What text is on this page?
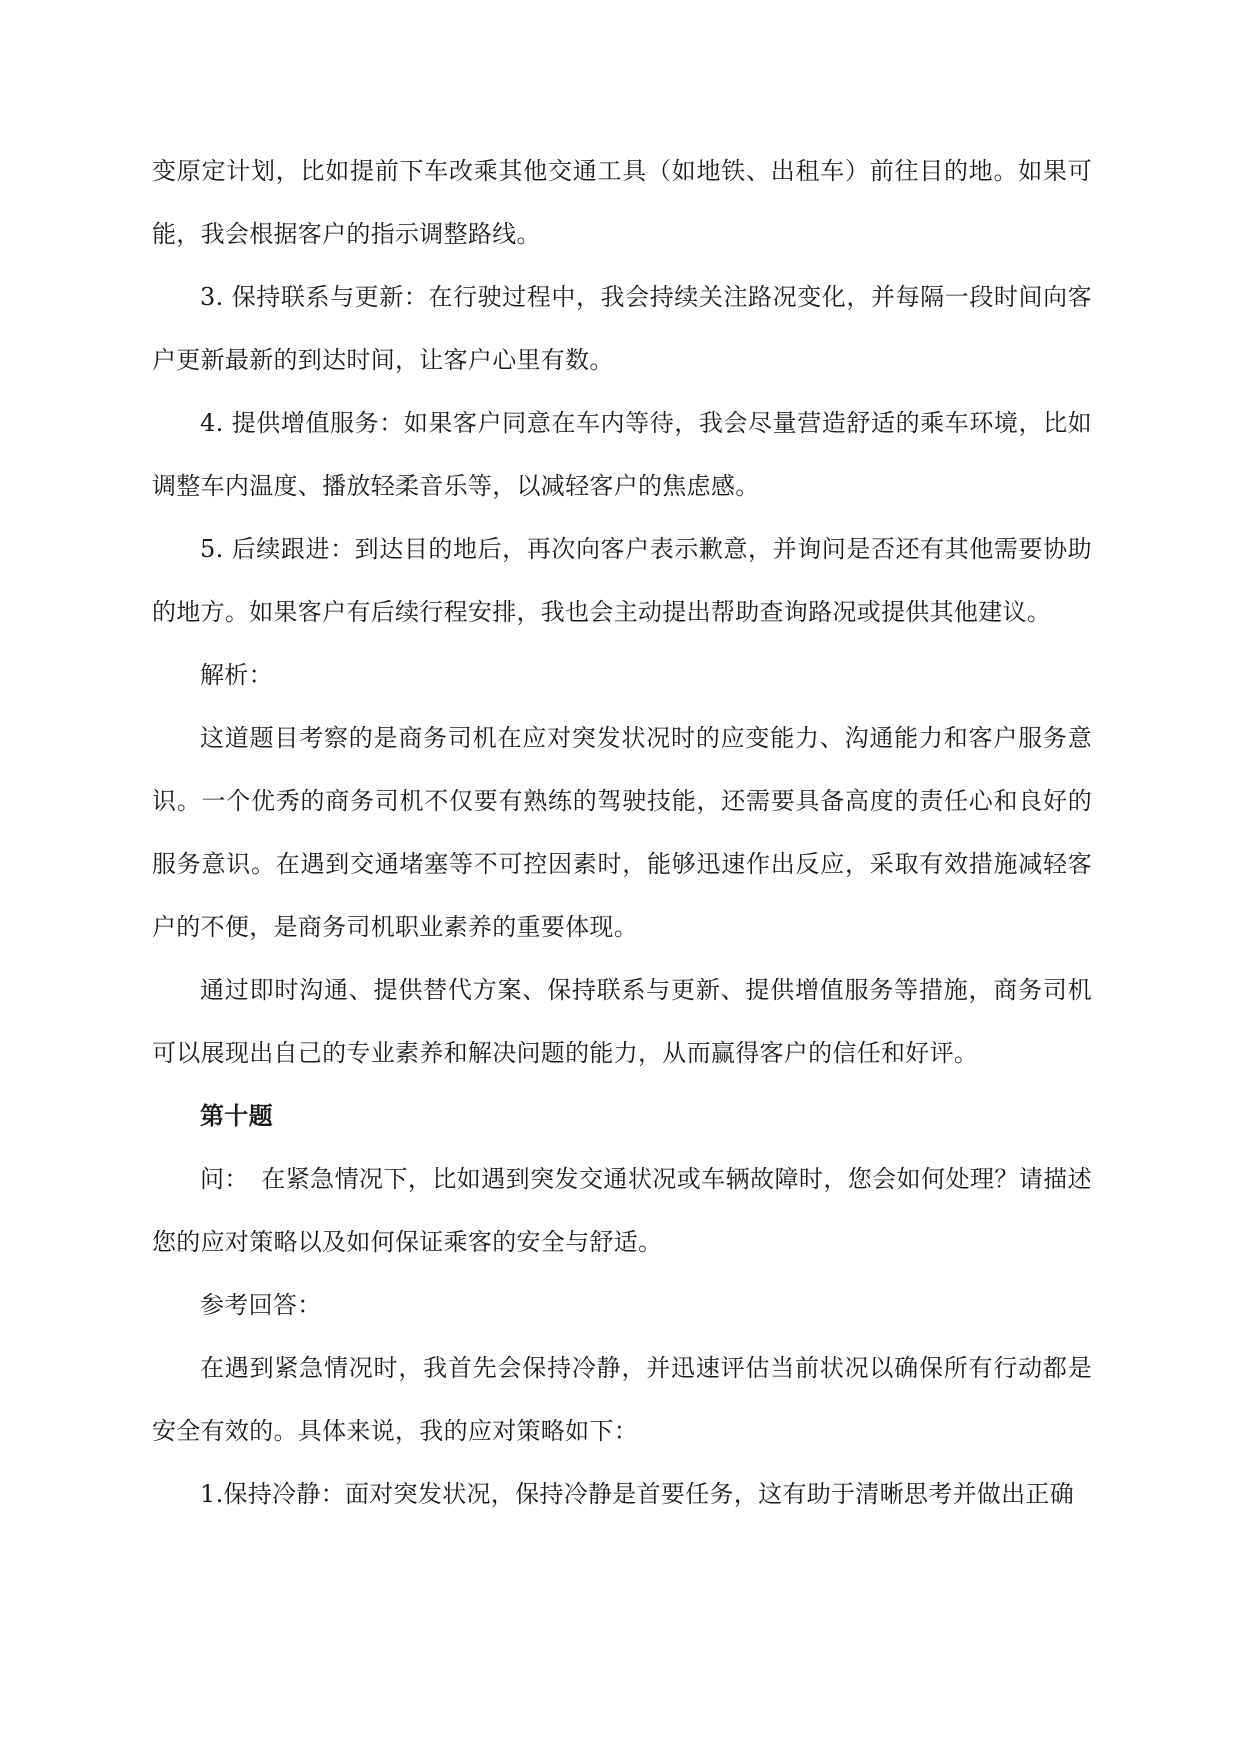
变原定计划，比如提前下车改乘其他交通工具（如地铁、出租车）前往目的地。如果可能，我会根据客户的指示调整路线。

3. 保持联系与更新：在行驶过程中，我会持续关注路况变化，并每隔一段时间向客户更新最新的到达时间，让客户心里有数。

4. 提供增值服务：如果客户同意在车内等待，我会尽量营造舒适的乘车环境，比如调整车内温度、播放轻柔音乐等，以减轻客户的焦虑感。

5. 后续跟进：到达目的地后，再次向客户表示歉意，并询问是否还有其他需要协助的地方。如果客户有后续行程安排，我也会主动提出帮助查询路况或提供其他建议。

解析：

这道题目考察的是商务司机在应对突发状况时的应变能力、沟通能力和客户服务意识。一个优秀的商务司机不仅要有熟练的驾驶技能，还需要具备高度的责任心和良好的服务意识。在遇到交通堵塞等不可控因素时，能够迅速作出反应，采取有效措施减轻客户的不便，是商务司机职业素养的重要体现。

通过即时沟通、提供替代方案、保持联系与更新、提供增值服务等措施，商务司机可以展现出自己的专业素养和解决问题的能力，从而赢得客户的信任和好评。

第十题

问：　在紧急情况下，比如遇到突发交通状况或车辆故障时，您会如何处理？请描述您的应对策略以及如何保证乘客的安全与舒适。

参考回答：

在遇到紧急情况时，我首先会保持冷静，并迅速评估当前状况以确保所有行动都是安全有效的。具体来说，我的应对策略如下：

1.保持冷静：面对突发状况，保持冷静是首要任务，这有助于清晰思考并做出正确
